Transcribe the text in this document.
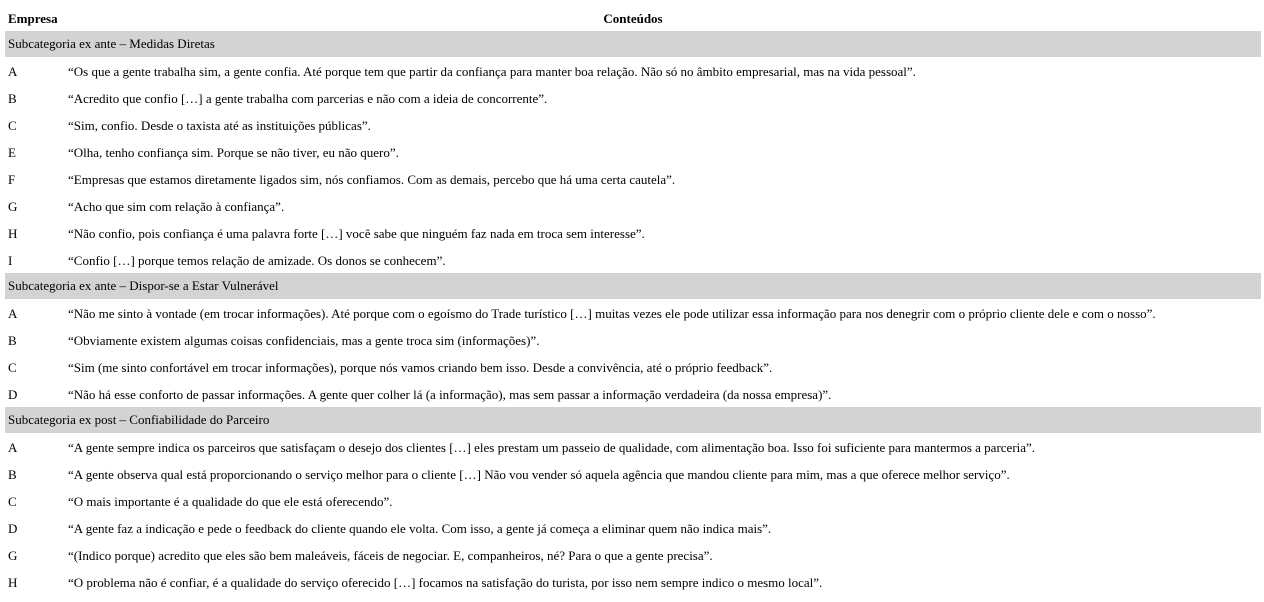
Empresa	Conteúdos
Subcategoria ex ante – Medidas Diretas
A	“Os que a gente trabalha sim, a gente confia. Até porque tem que partir da confiança para manter boa relação. Não só no âmbito empresarial, mas na vida pessoal”.
B	“Acredito que confio […] a gente trabalha com parcerias e não com a ideia de concorrente”.
C	“Sim, confio. Desde o taxista até as instituições públicas”.
E	“Olha, tenho confiança sim. Porque se não tiver, eu não quero”.
F	“Empresas que estamos diretamente ligados sim, nós confiamos. Com as demais, percebo que há uma certa cautela”.
G	“Acho que sim com relação à confiança”.
H	“Não confio, pois confiança é uma palavra forte […] você sabe que ninguém faz nada em troca sem interesse”.
I	“Confio […] porque temos relação de amizade. Os donos se conhecem”.
Subcategoria ex ante – Dispor-se a Estar Vulnerável
A	“Não me sinto à vontade (em trocar informações). Até porque com o egoísmo do Trade turístico […] muitas vezes ele pode utilizar essa informação para nos denegrir com o próprio cliente dele e com o nosso”.
B	“Obviamente existem algumas coisas confidenciais, mas a gente troca sim (informações)”.
C	“Sim (me sinto confortável em trocar informações), porque nós vamos criando bem isso. Desde a convivência, até o próprio feedback”.
D	“Não há esse conforto de passar informações. A gente quer colher lá (a informação), mas sem passar a informação verdadeira (da nossa empresa)”.
Subcategoria ex post – Confiabilidade do Parceiro
A	“A gente sempre indica os parceiros que satisfaçam o desejo dos clientes […] eles prestam um passeio de qualidade, com alimentação boa. Isso foi suficiente para mantermos a parceria”.
B	“A gente observa qual está proporcionando o serviço melhor para o cliente […] Não vou vender só aquela agência que mandou cliente para mim, mas a que oferece melhor serviço”.
C	“O mais importante é a qualidade do que ele está oferecendo”.
D	“A gente faz a indicação e pede o feedback do cliente quando ele volta. Com isso, a gente já começa a eliminar quem não indica mais”.
G	“(Indico porque) acredito que eles são bem maleáveis, fáceis de negociar. E, companheiros, né? Para o que a gente precisa”.
H	“O problema não é confiar, é a qualidade do serviço oferecido […] focamos na satisfação do turista, por isso nem sempre indico o mesmo local”.
